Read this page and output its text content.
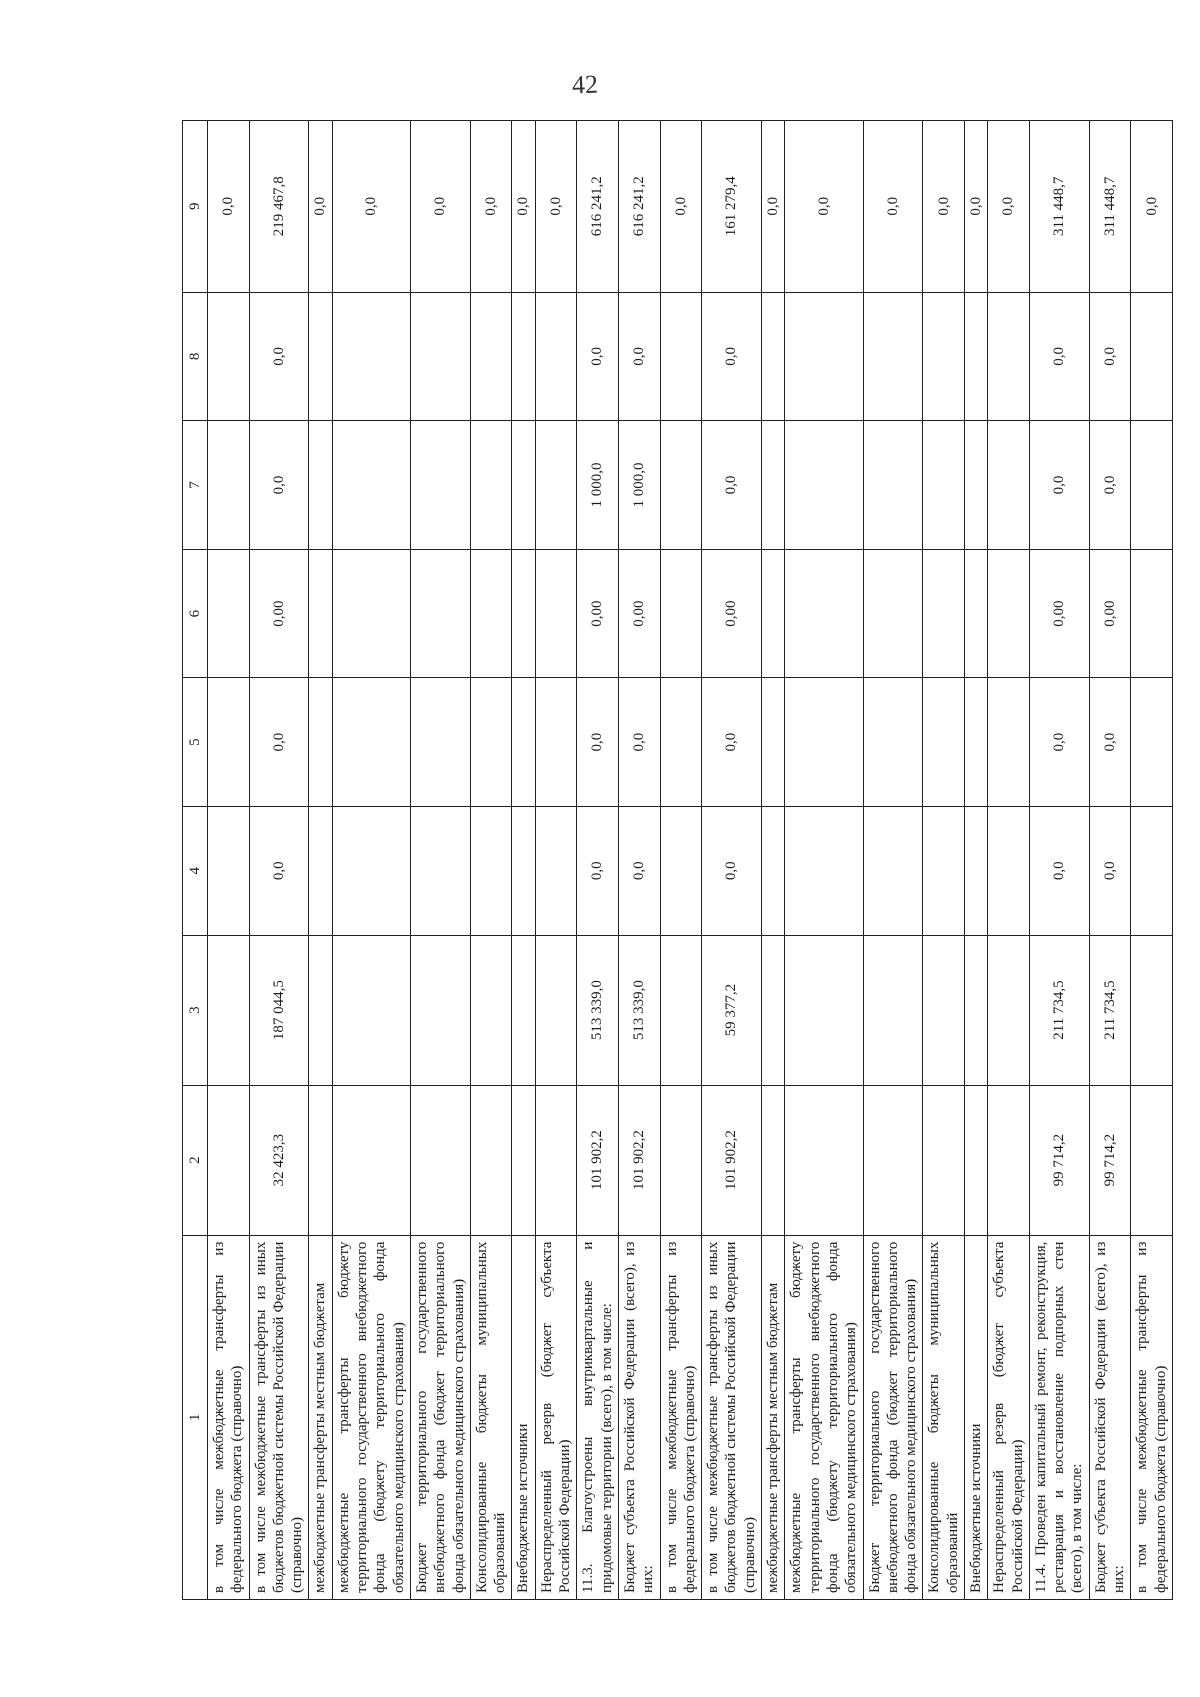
42
1	2	3	4	5	6	7	8	9
в том числе межбюджетные трансферты из федерального бюджета (справочно)								0,0
в том числе межбюджетные трансферты из иных бюджетов бюджетной системы Российской Федерации (справочно)	32 423,3	187 044,5	0,0	0,0	0,00	0,0	0,0	219 467,8
межбюджетные трансферты местным бюджетам								0,0
межбюджетные трансферты бюджету территориального государственного внебюджетного фонда (бюджету территориального фонда обязательного медицинского страхования)								0,0
Бюджет территориального государственного внебюджетного фонда (бюджет территориального фонда обязательного медицинского страхования)								0,0
Консолидированные бюджеты муниципальных образований								0,0
Внебюджетные источники								0,0
Нераспределенный резерв (бюджет субъекта Российской Федерации)								0,0
11.3. Благоустроены внутриквартальные и придомовые территории (всего), в том числе:	101 902,2	513 339,0	0,0	0,0	0,00	1 000,0	0,0	616 241,2
Бюджет субъекта Российской Федерации (всего), из них:	101 902,2	513 339,0	0,0	0,0	0,00	1 000,0	0,0	616 241,2
в том числе межбюджетные трансферты из федерального бюджета (справочно)								0,0
в том числе межбюджетные трансферты из иных бюджетов бюджетной системы Российской Федерации (справочно)	101 902,2	59 377,2	0,0	0,0	0,00	0,0	0,0	161 279,4
межбюджетные трансферты местным бюджетам								0,0
межбюджетные трансферты бюджету территориального государственного внебюджетного фонда (бюджету территориального фонда обязательного медицинского страхования)								0,0
Бюджет территориального государственного внебюджетного фонда (бюджет территориального фонда обязательного медицинского страхования)								0,0
Консолидированные бюджеты муниципальных образований								0,0
Внебюджетные источники								0,0
Нераспределенный резерв (бюджет субъекта Российской Федерации)								0,0
11.4. Проведен капитальный ремонт, реконструкция, реставрация и восстановление подпорных стен (всего), в том числе:	99 714,2	211 734,5	0,0	0,0	0,00	0,0	0,0	311 448,7
Бюджет субъекта Российской Федерации (всего), из них:	99 714,2	211 734,5	0,0	0,0	0,00	0,0	0,0	311 448,7
в том числе межбюджетные трансферты из федерального бюджета (справочно)								0,0
